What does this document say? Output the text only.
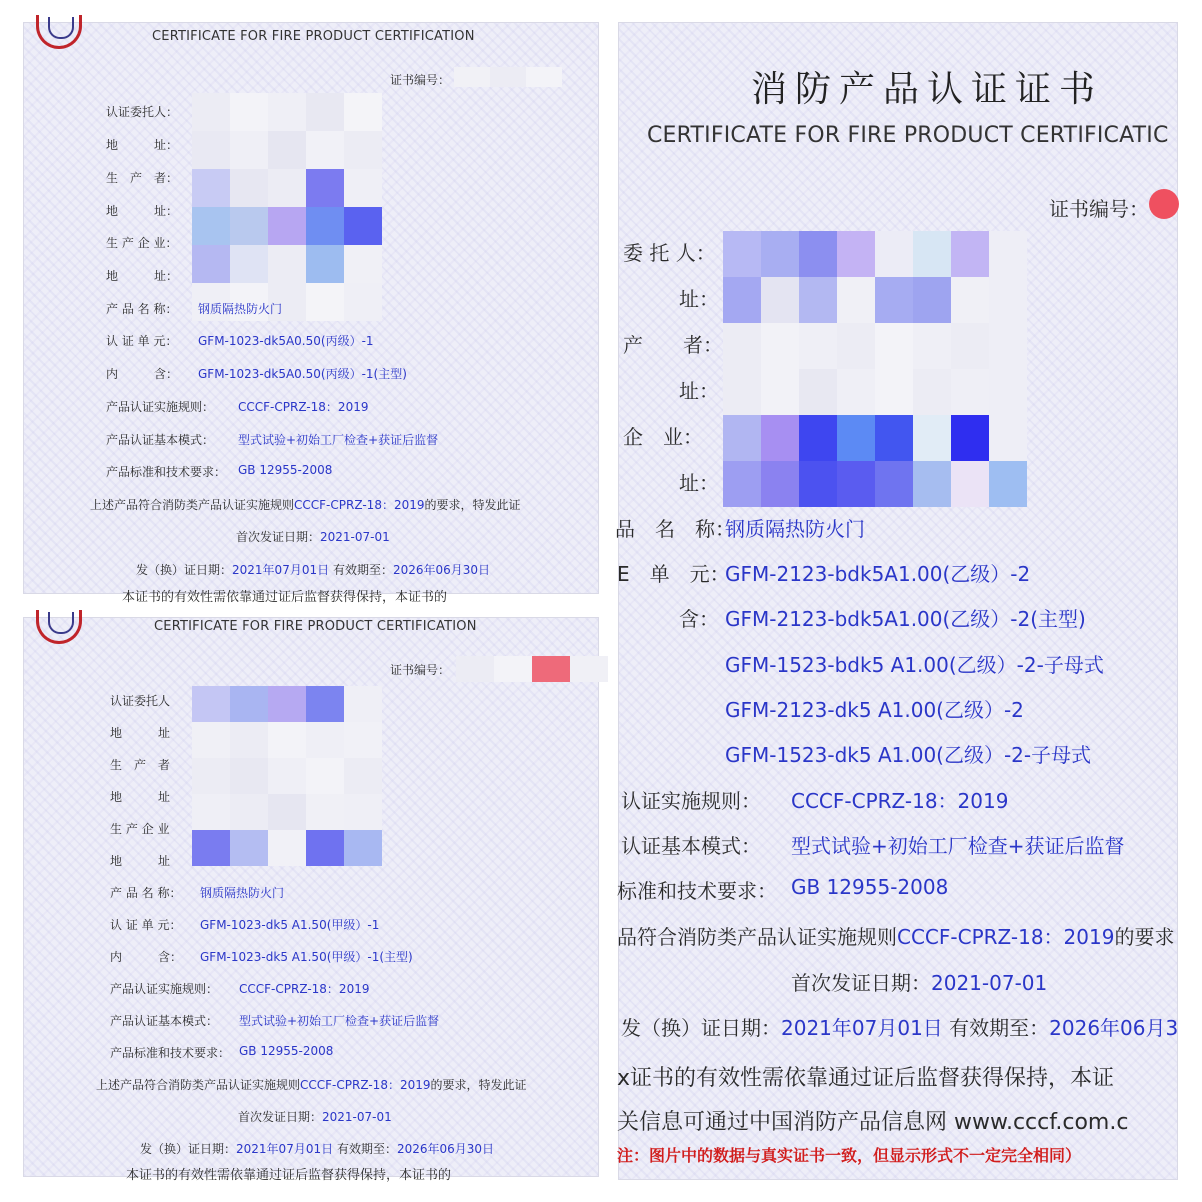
CERTIFICATE FOR FIRE PRODUCT CERTIFICATION
证书编号：
认证委托人：
地　　　址：
生　产　者：
地　　　址：
生 产 企 业：
地　　　址：
产 品 名 称： 钢质隔热防火门
认 证 单 元： GFM-1023-dk5A0.50(丙级）-1
内　　　含： GFM-1023-dk5A0.50(丙级）-1(主型)
产品认证实施规则： CCCF-CPRZ-18：2019
产品认证基本模式： 型式试验+初始工厂检查+获证后监督
产品标准和技术要求： GB 12955-2008
上述产品符合消防类产品认证实施规则CCCF-CPRZ-18：2019的要求，特发此证
首次发证日期：2021-07-01
发（换）证日期：2021年07月01日 有效期至：2026年06月30日
本证书的有效性需依靠通过证后监督获得保持，本证书的
CERTIFICATE FOR FIRE PRODUCT CERTIFICATION
证书编号：
认证委托人
地　　　址
生　产　者
地　　　址
生 产 企 业
地　　　址
产 品 名 称： 钢质隔热防火门
认 证 单 元： GFM-1023-dk5 A1.50(甲级）-1
内　　　含： GFM-1023-dk5 A1.50(甲级）-1(主型)
产品认证实施规则： CCCF-CPRZ-18：2019
产品认证基本模式： 型式试验+初始工厂检查+获证后监督
产品标准和技术要求： GB 12955-2008
上述产品符合消防类产品认证实施规则CCCF-CPRZ-18：2019的要求，特发此证
首次发证日期：2021-07-01
发（换）证日期：2021年07月01日 有效期至：2026年06月30日
本证书的有效性需依靠通过证后监督获得保持，本证书的
消防产品认证证书
CERTIFICATE FOR FIRE PRODUCT CERTIFICATIC
证书编号：
委 托 人：
址：
产　　者：
址：
企　业：
址：
品　名　称：
钢质隔热防火门
E　单　元：
GFM-2123-bdk5A1.00(乙级）-2
含： GFM-2123-bdk5A1.00(乙级）-2(主型)
GFM-1523-bdk5 A1.00(乙级）-2-子母式
GFM-2123-dk5 A1.00(乙级）-2
GFM-1523-dk5 A1.00(乙级）-2-子母式
认证实施规则： CCCF-CPRZ-18：2019
认证基本模式： 型式试验+初始工厂检查+获证后监督
标准和技术要求： GB 12955-2008
品符合消防类产品认证实施规则CCCF-CPRZ-18：2019的要求
首次发证日期：2021-07-01
发（换）证日期：2021年07月01日 有效期至：2026年06月3
x证书的有效性需依靠通过证后监督获得保持，本证
关信息可通过中国消防产品信息网 www.cccf.com.c
注：图片中的数据与真实证书一致，但显示形式不一定完全相同）
